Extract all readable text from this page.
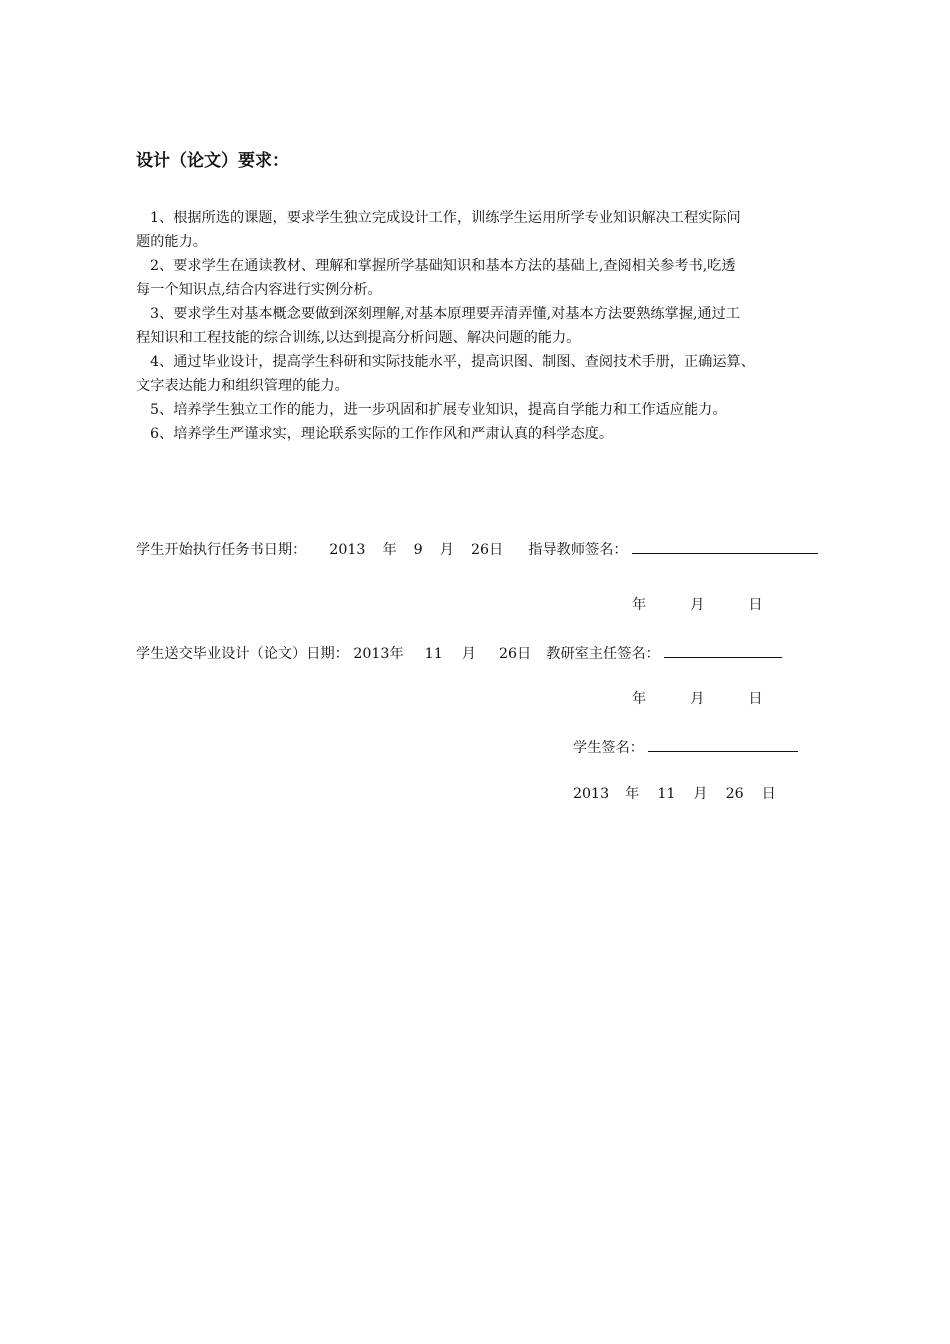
设计（论文）要求：

1、根据所选的课题，要求学生独立完成设计工作，训练学生运用所学专业知识解决工程实际问

题的能力。

2、要求学生在通读教材、理解和掌握所学基础知识和基本方法的基础上,查阅相关参考书,吃透

每一个知识点,结合内容进行实例分析。

3、要求学生对基本概念要做到深刻理解,对基本原理要弄清弄懂,对基本方法要熟练掌握,通过工

程知识和工程技能的综合训练,以达到提高分析问题、解决问题的能力。

4、通过毕业设计，提高学生科研和实际技能水平，提高识图、制图、查阅技术手册，正确运算、

文字表达能力和组织管理的能力。

5、培养学生独立工作的能力，进一步巩固和扩展专业知识，提高自学能力和工作适应能力。

6、培养学生严谨求实，理论联系实际的工作作风和严肃认真的科学态度。

学生开始执行任务书日期： 2013 年 9 月 26日 指导教师签名：
年	月	日
学生送交毕业设计（论文）日期： 2013年 11 月 26日 教研室主任签名：
年	月	日
学生签名：
2013 年 11 月 26 日
